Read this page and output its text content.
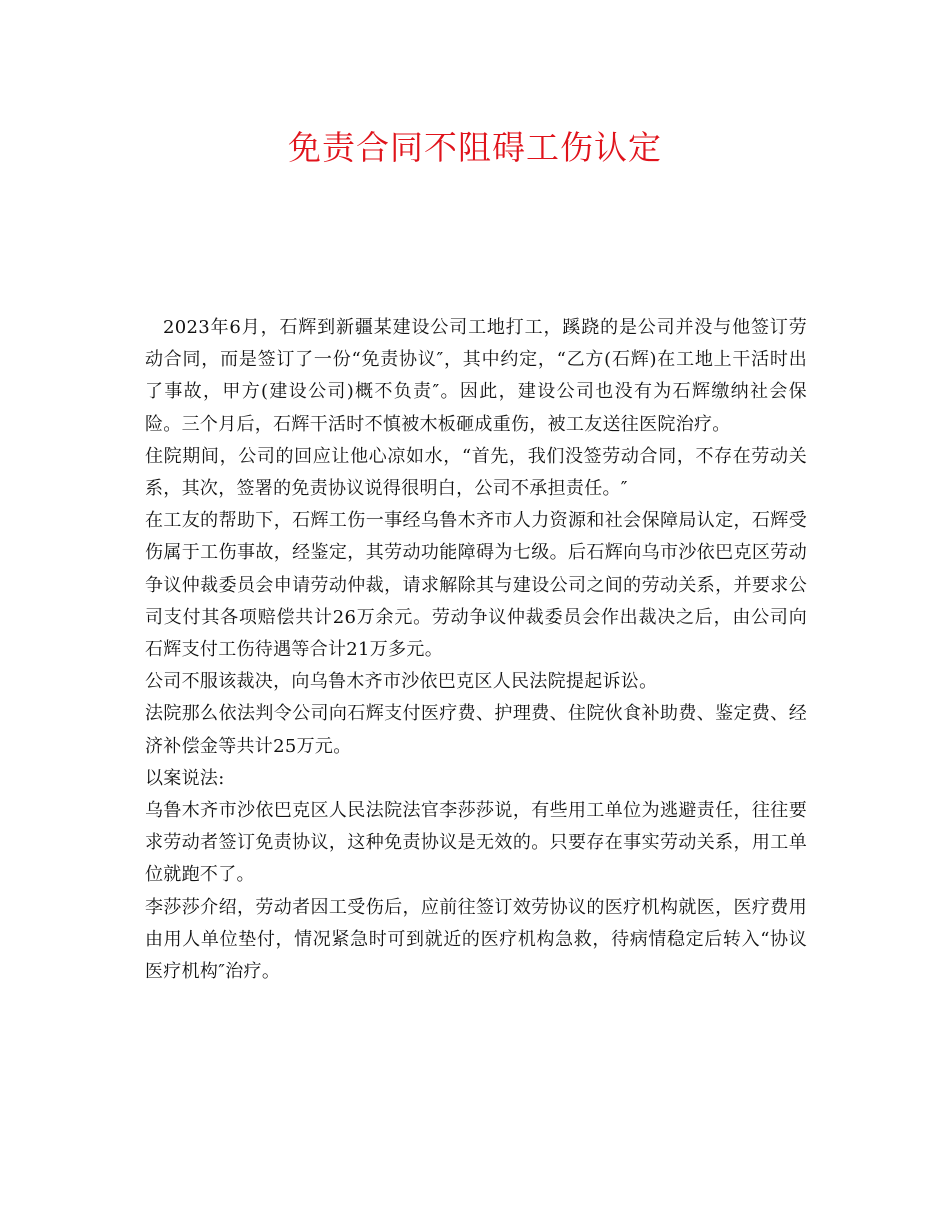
免责合同不阻碍工伤认定

2023年6月，石辉到新疆某建设公司工地打工，蹊跷的是公司并没与他签订劳动合同，而是签订了一份“免责协议″，其中约定，“乙方(石辉)在工地上干活时出了事故，甲方(建设公司)概不负责″。因此，建设公司也没有为石辉缴纳社会保险。三个月后，石辉干活时不慎被木板砸成重伤，被工友送往医院治疗。

住院期间，公司的回应让他心凉如水，“首先，我们没签劳动合同，不存在劳动关系，其次，签署的免责协议说得很明白，公司不承担责任。″

在工友的帮助下，石辉工伤一事经乌鲁木齐市人力资源和社会保障局认定，石辉受伤属于工伤事故，经鉴定，其劳动功能障碍为七级。后石辉向乌市沙依巴克区劳动争议仲裁委员会申请劳动仲裁，请求解除其与建设公司之间的劳动关系，并要求公司支付其各项赔偿共计26万余元。劳动争议仲裁委员会作出裁决之后，由公司向石辉支付工伤待遇等合计21万多元。

公司不服该裁决，向乌鲁木齐市沙依巴克区人民法院提起诉讼。

法院那么依法判令公司向石辉支付医疗费、护理费、住院伙食补助费、鉴定费、经济补偿金等共计25万元。

以案说法:

乌鲁木齐市沙依巴克区人民法院法官李莎莎说，有些用工单位为逃避责任，往往要求劳动者签订免责协议，这种免责协议是无效的。只要存在事实劳动关系，用工单位就跑不了。

李莎莎介绍，劳动者因工受伤后，应前往签订效劳协议的医疗机构就医，医疗费用由用人单位垫付，情况紧急时可到就近的医疗机构急救，待病情稳定后转入“协议医疗机构″治疗。
